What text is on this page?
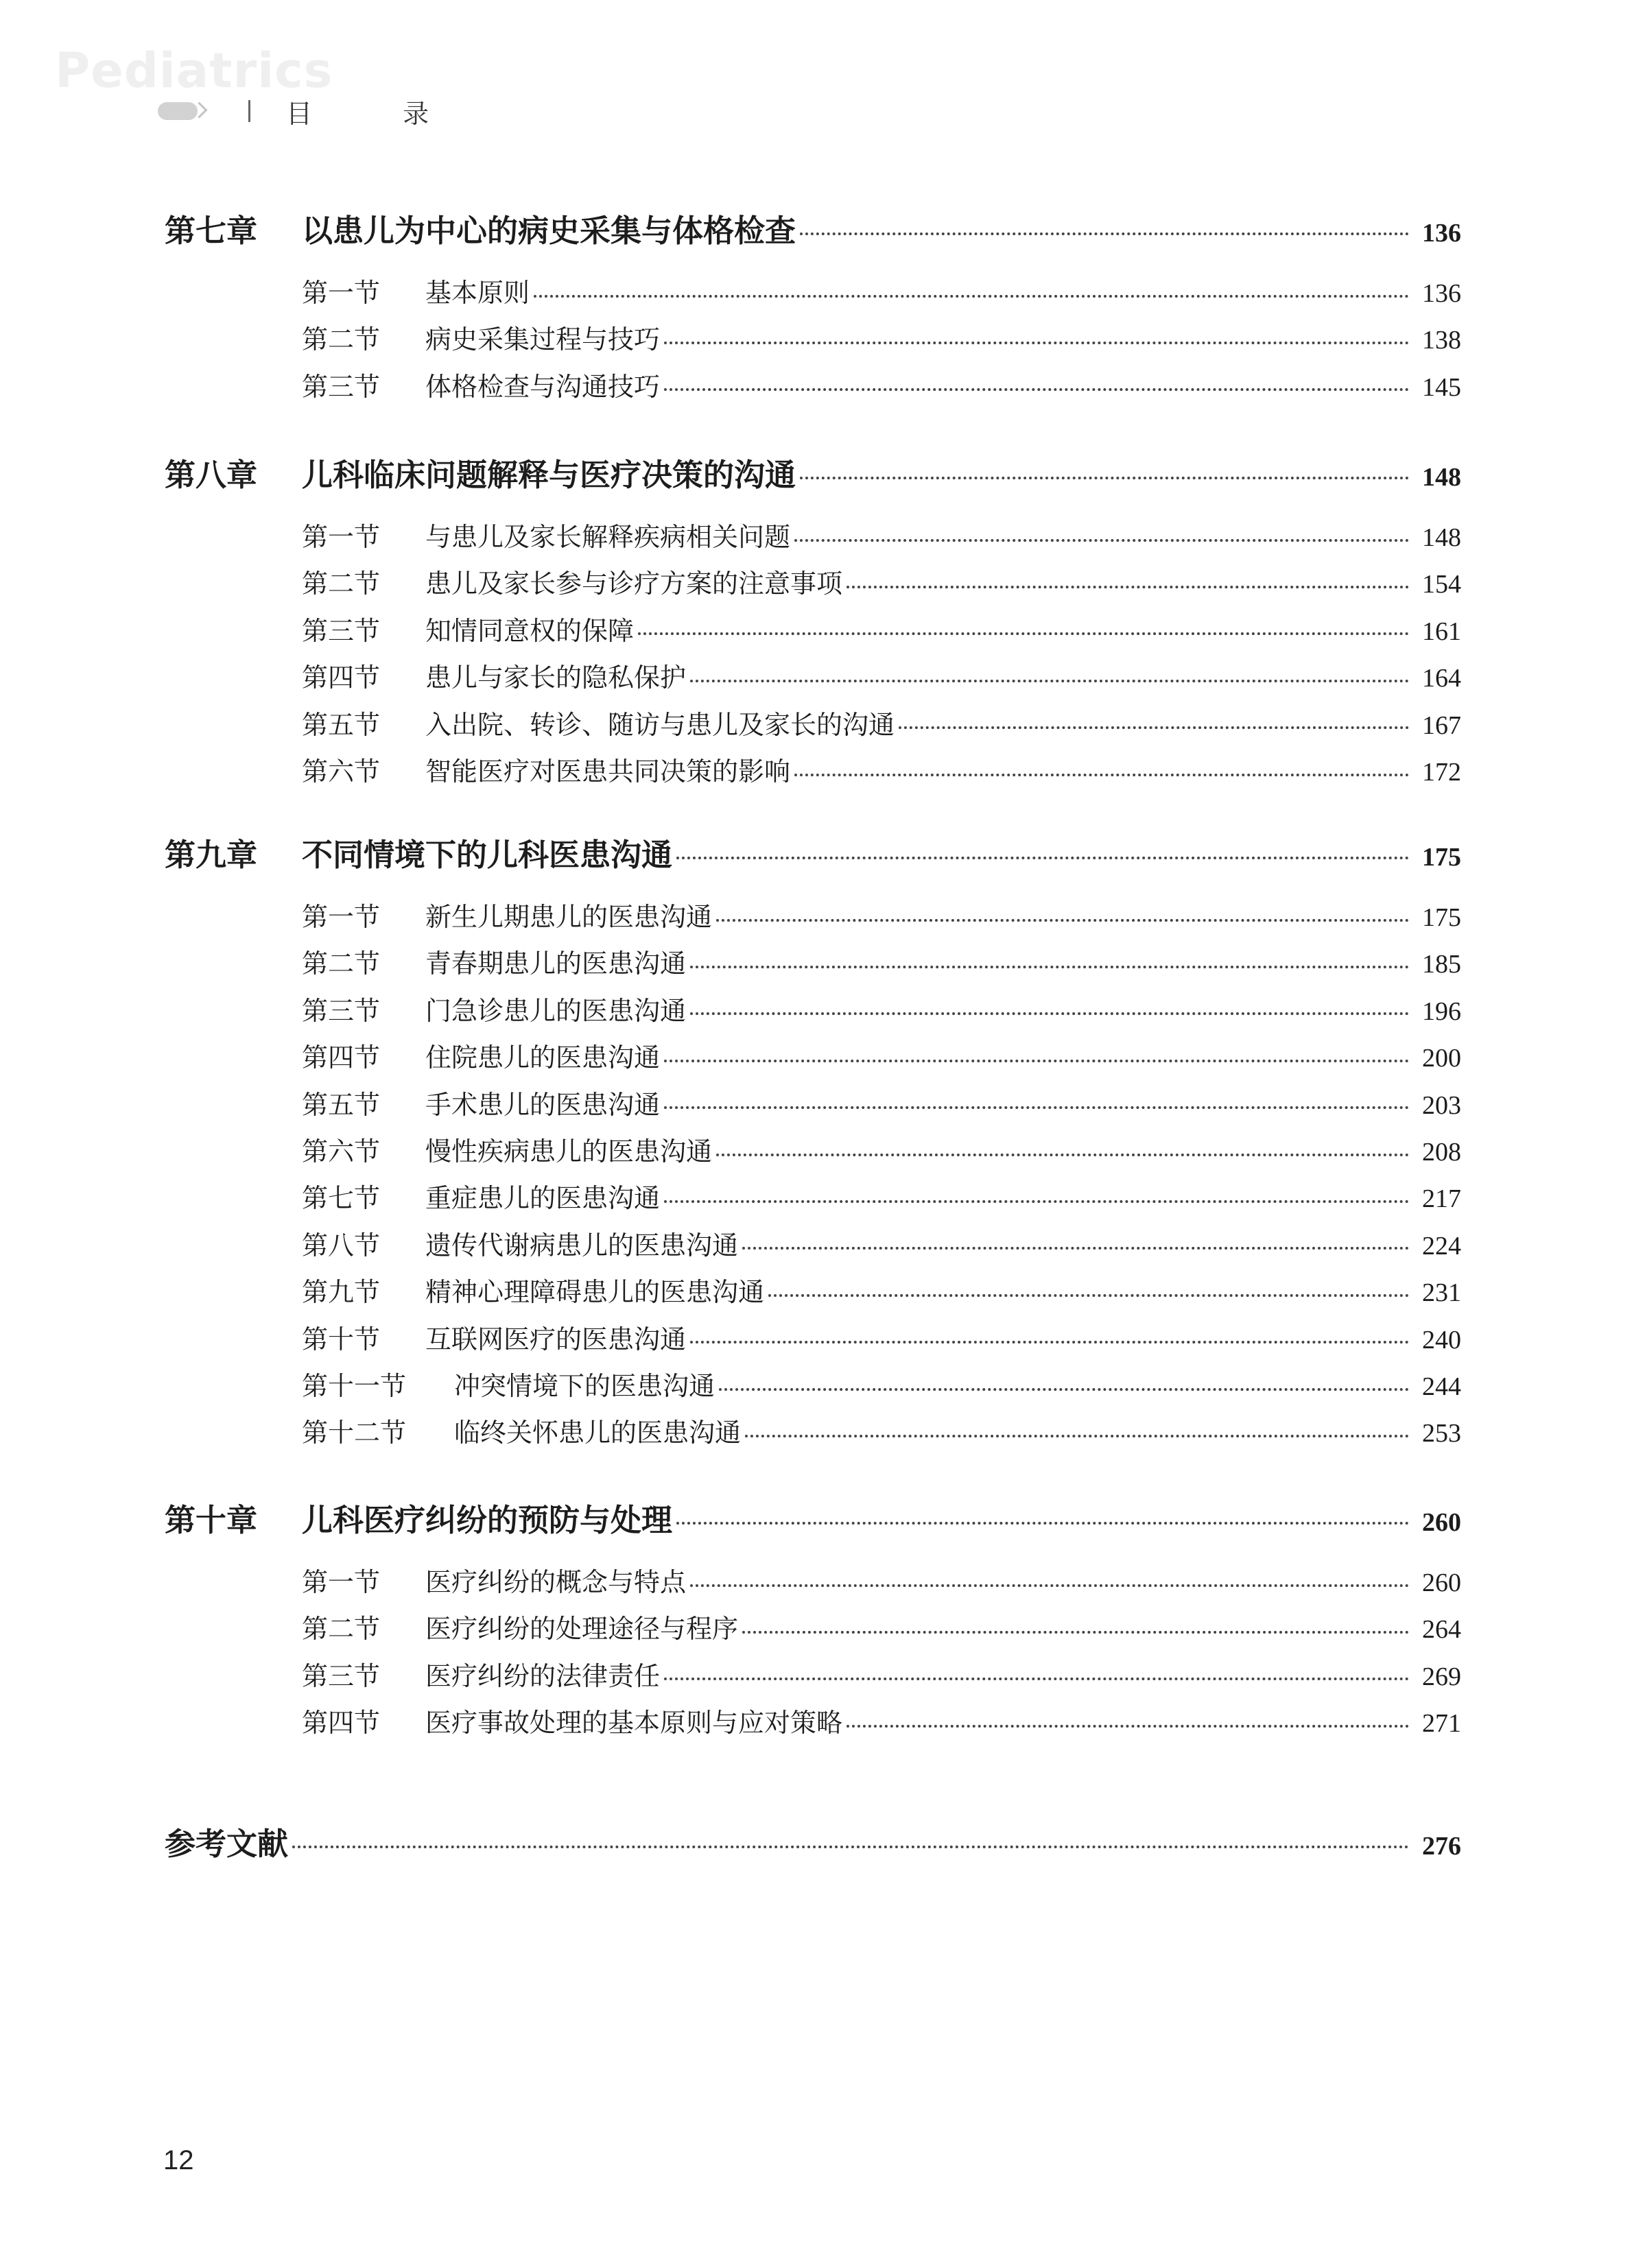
Pediatrics
目 录
第七章	以患儿为中心的病史采集与体格检查	136
第一节	基本原则	136
第二节	病史采集过程与技巧	138
第三节	体格检查与沟通技巧	145
第八章	儿科临床问题解释与医疗决策的沟通	148
第一节	与患儿及家长解释疾病相关问题	148
第二节	患儿及家长参与诊疗方案的注意事项	154
第三节	知情同意权的保障	161
第四节	患儿与家长的隐私保护	164
第五节	入出院、转诊、随访与患儿及家长的沟通	167
第六节	智能医疗对医患共同决策的影响	172
第九章	不同情境下的儿科医患沟通	175
第一节	新生儿期患儿的医患沟通	175
第二节	青春期患儿的医患沟通	185
第三节	门急诊患儿的医患沟通	196
第四节	住院患儿的医患沟通	200
第五节	手术患儿的医患沟通	203
第六节	慢性疾病患儿的医患沟通	208
第七节	重症患儿的医患沟通	217
第八节	遗传代谢病患儿的医患沟通	224
第九节	精神心理障碍患儿的医患沟通	231
第十节	互联网医疗的医患沟通	240
第十一节	冲突情境下的医患沟通	244
第十二节	临终关怀患儿的医患沟通	253
第十章	儿科医疗纠纷的预防与处理	260
第一节	医疗纠纷的概念与特点	260
第二节	医疗纠纷的处理途径与程序	264
第三节	医疗纠纷的法律责任	269
第四节	医疗事故处理的基本原则与应对策略	271
参考文献	276
12
